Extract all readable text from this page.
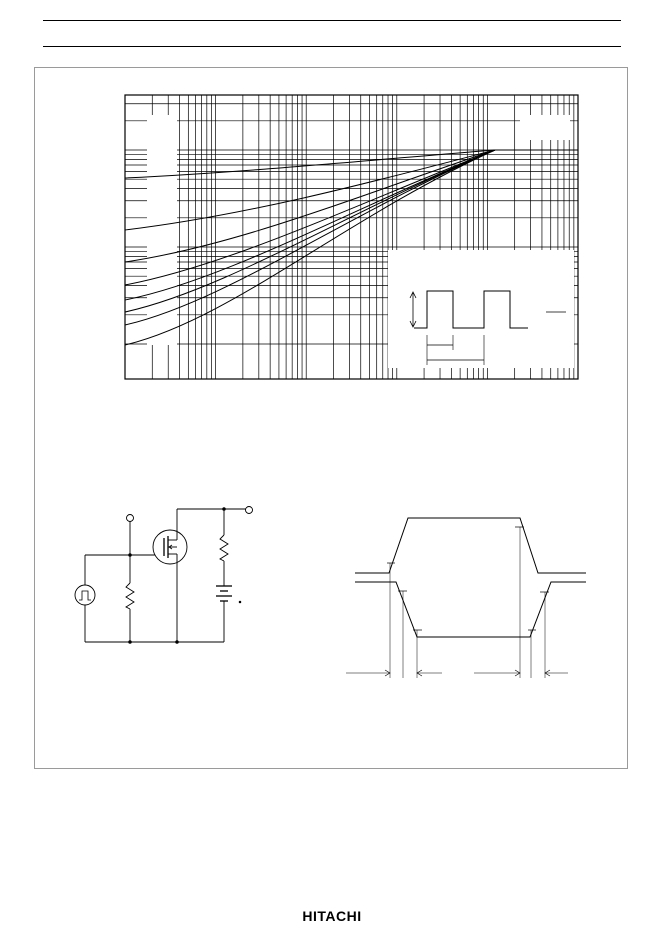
HITACHI
